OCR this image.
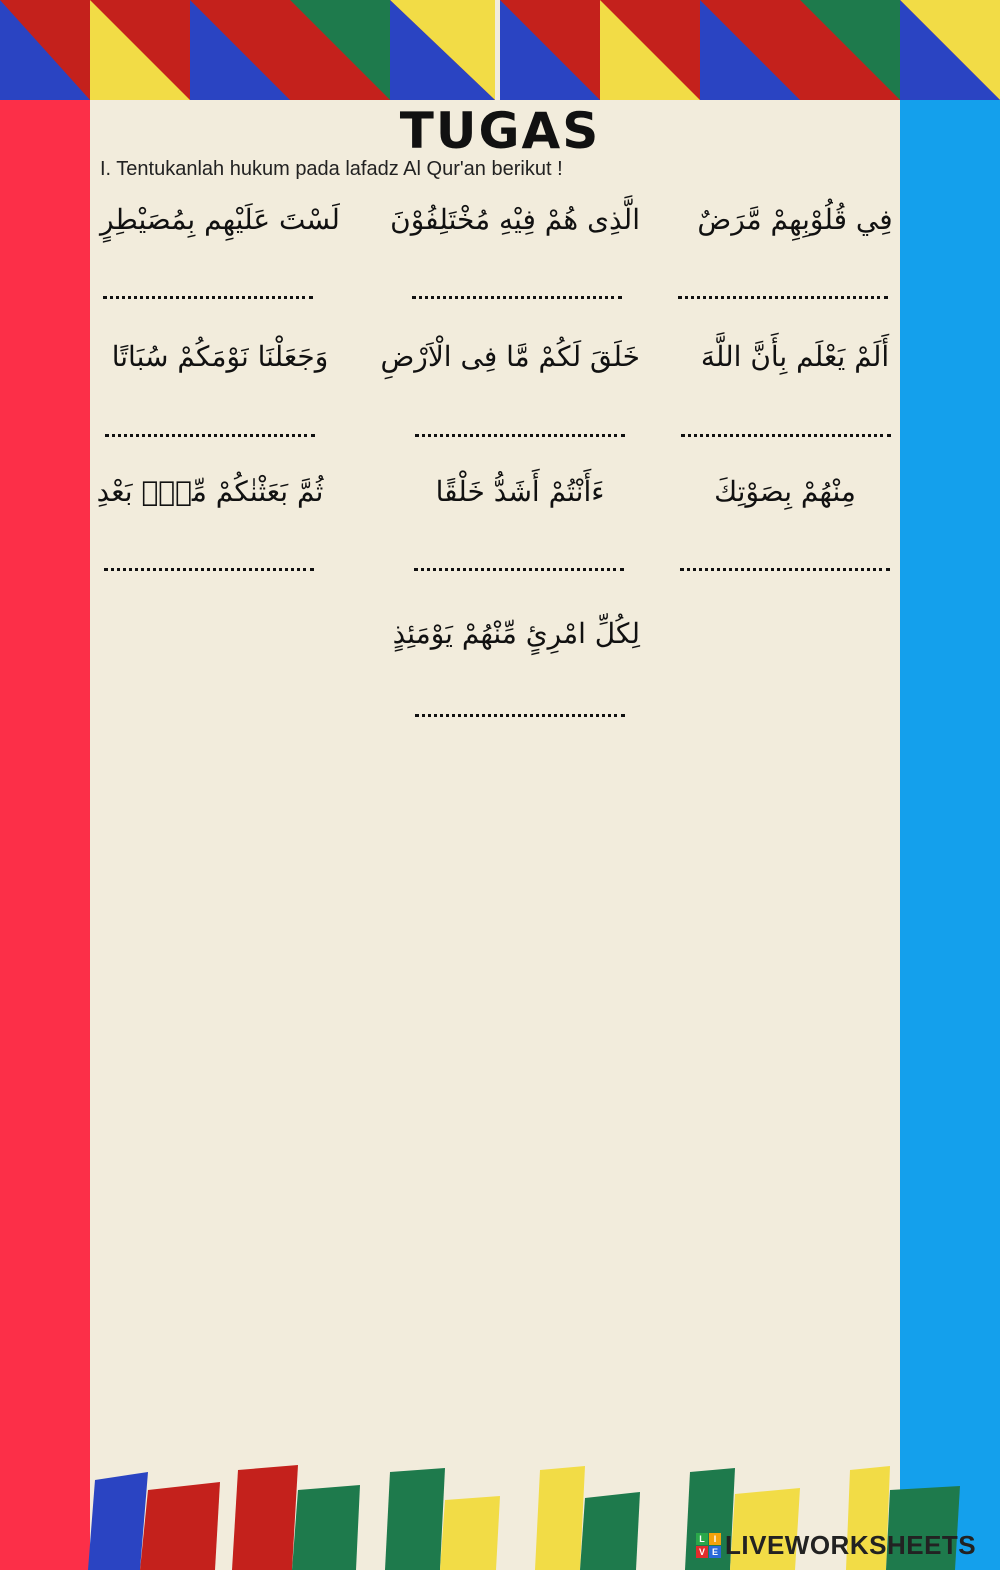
TUGAS
I. Tentukanlah hukum pada lafadz Al Qur'an berikut !
فِي قُلُوْبِهِمْ مَّرَضٌ
الَّذِى هُمْ فِيْهِ مُخْتَلِفُوْنَ
لَسْتَ عَلَيْهِم بِمُصَيْطِرٍ
أَلَمْ يَعْلَم بِأَنَّ اللَّهَ
خَلَقَ لَكُمْ مَّا فِى الْاَرْضِ
وَجَعَلْنَا نَوْمَكُمْ سُبَاتًا
مِنْهُمْ بِصَوْتِكَ
ءَأَنْتُمْ أَشَدُّ خَلْقًا
ثُمَّ بَعَثْنٰكُمْ مِّنْۢ بَعْدِ
لِكُلِّ امْرِئٍ مِّنْهُمْ يَوْمَئِذٍ
L I
V E LIVEWORKSHEETS
